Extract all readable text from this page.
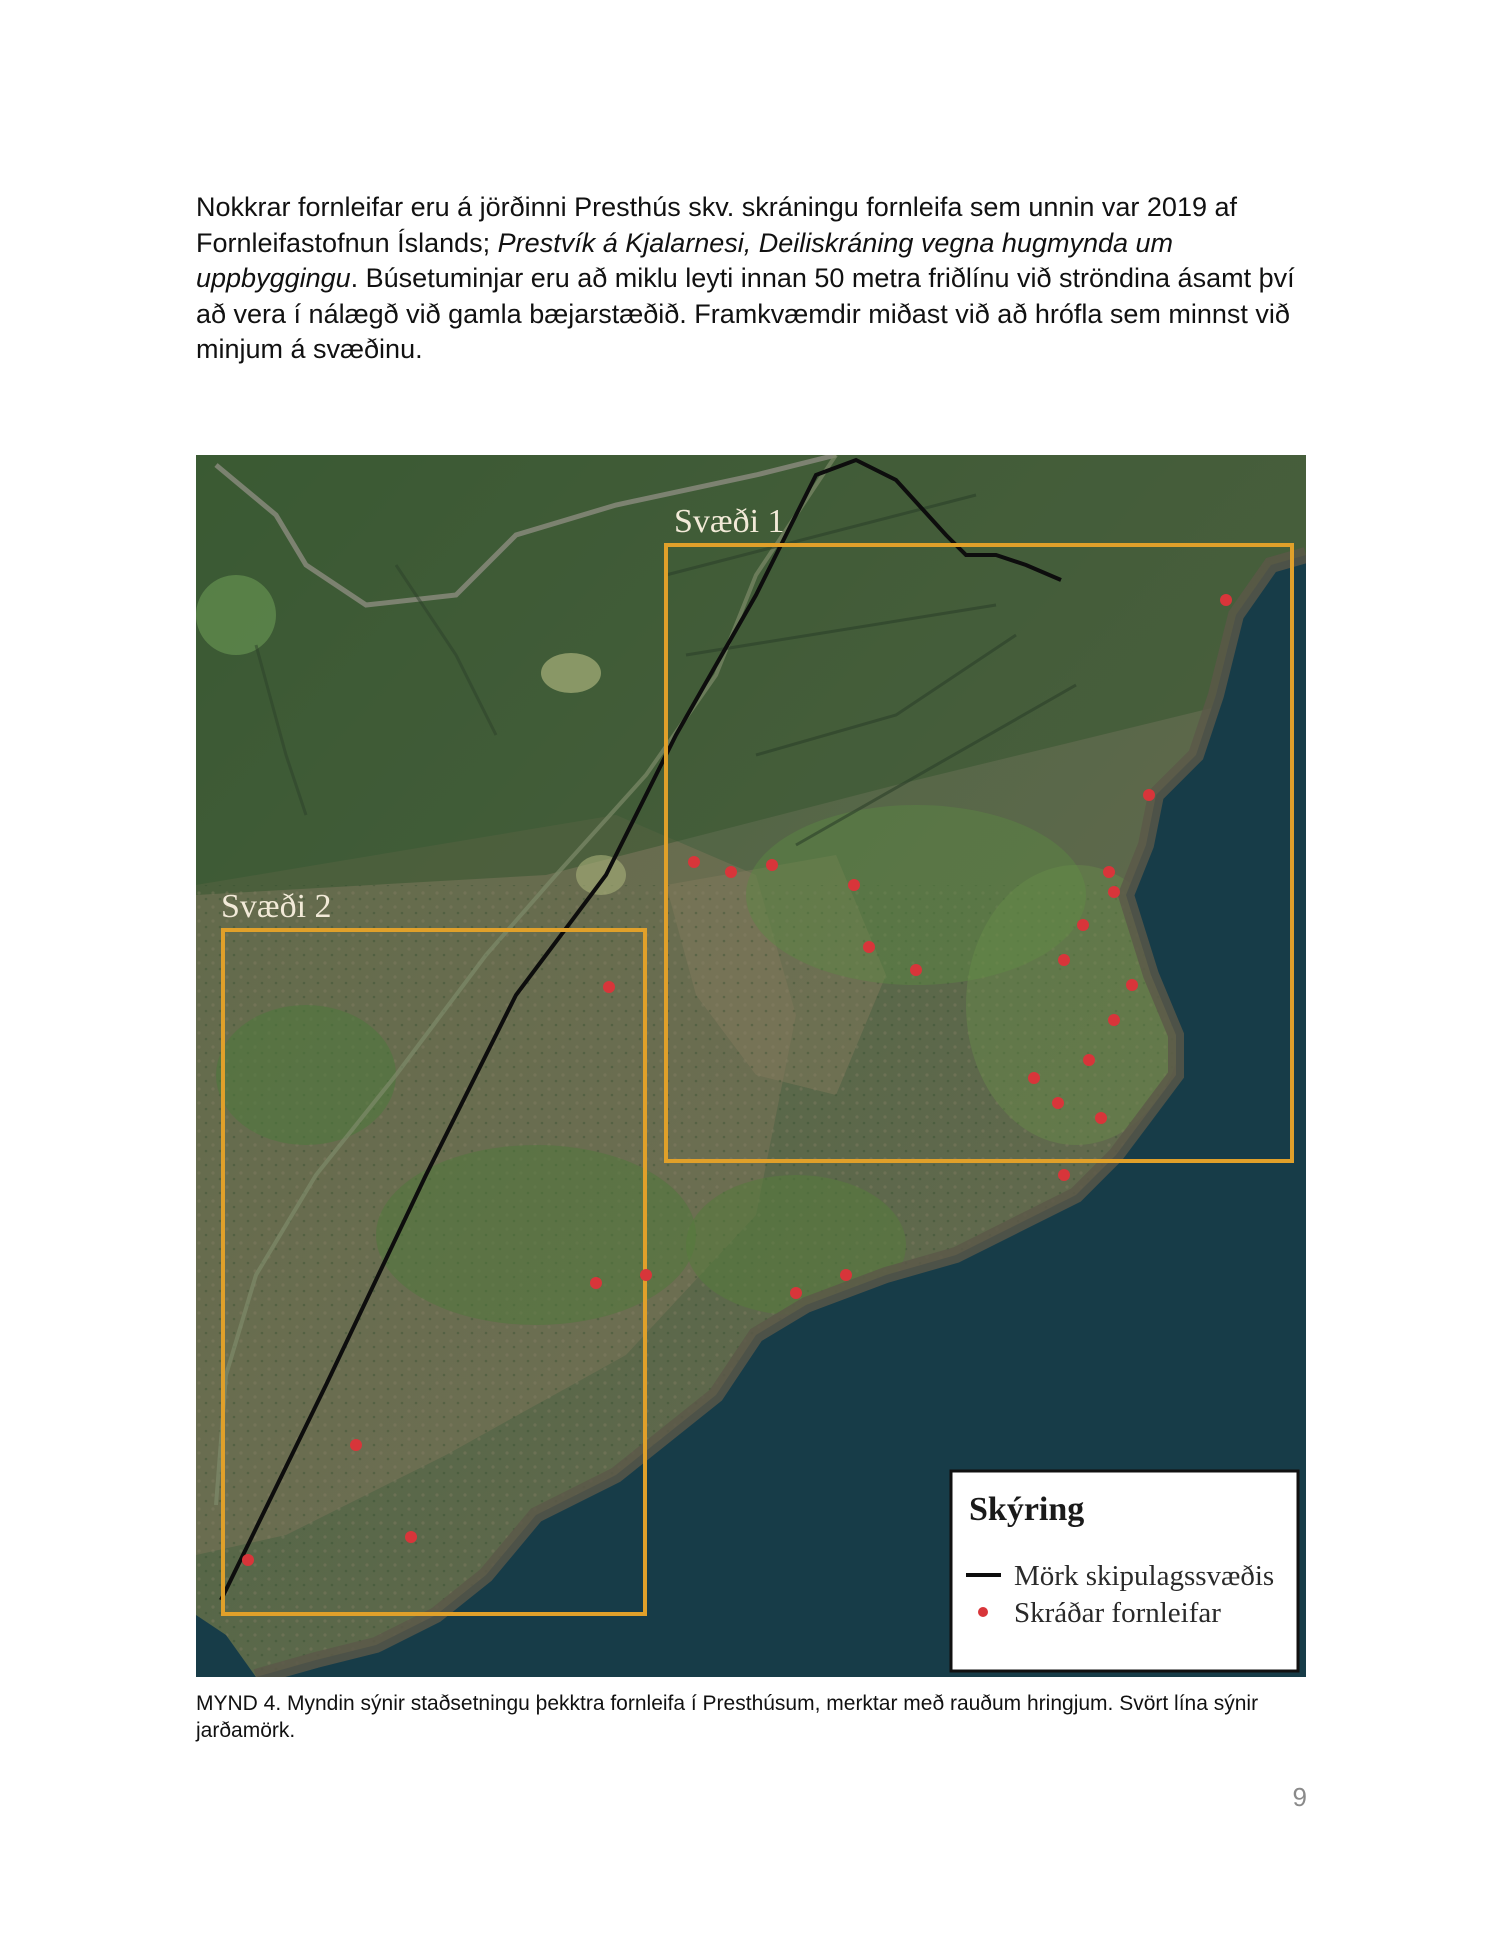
Nokkrar fornleifar eru á jörðinni Presthús skv. skráningu fornleifa sem unnin var 2019 af Fornleifastofnun Íslands; Prestvík á Kjalarnesi, Deiliskráning vegna hugmynda um uppbyggingu. Búsetuminjar eru að miklu leyti innan 50 metra friðlínu við ströndina ásamt því að vera í nálægð við gamla bæjarstæðið. Framkvæmdir miðast við að hrófla sem minnst við minjum á svæðinu.

Svæði 1
Svæði 2
Skýring
Mörk skipulagssvæðis
Skráðar fornleifar

MYND 4. Myndin sýnir staðsetningu þekktra fornleifa í Presthúsum, merktar með rauðum hringjum. Svört lína sýnir jarðamörk.

9
